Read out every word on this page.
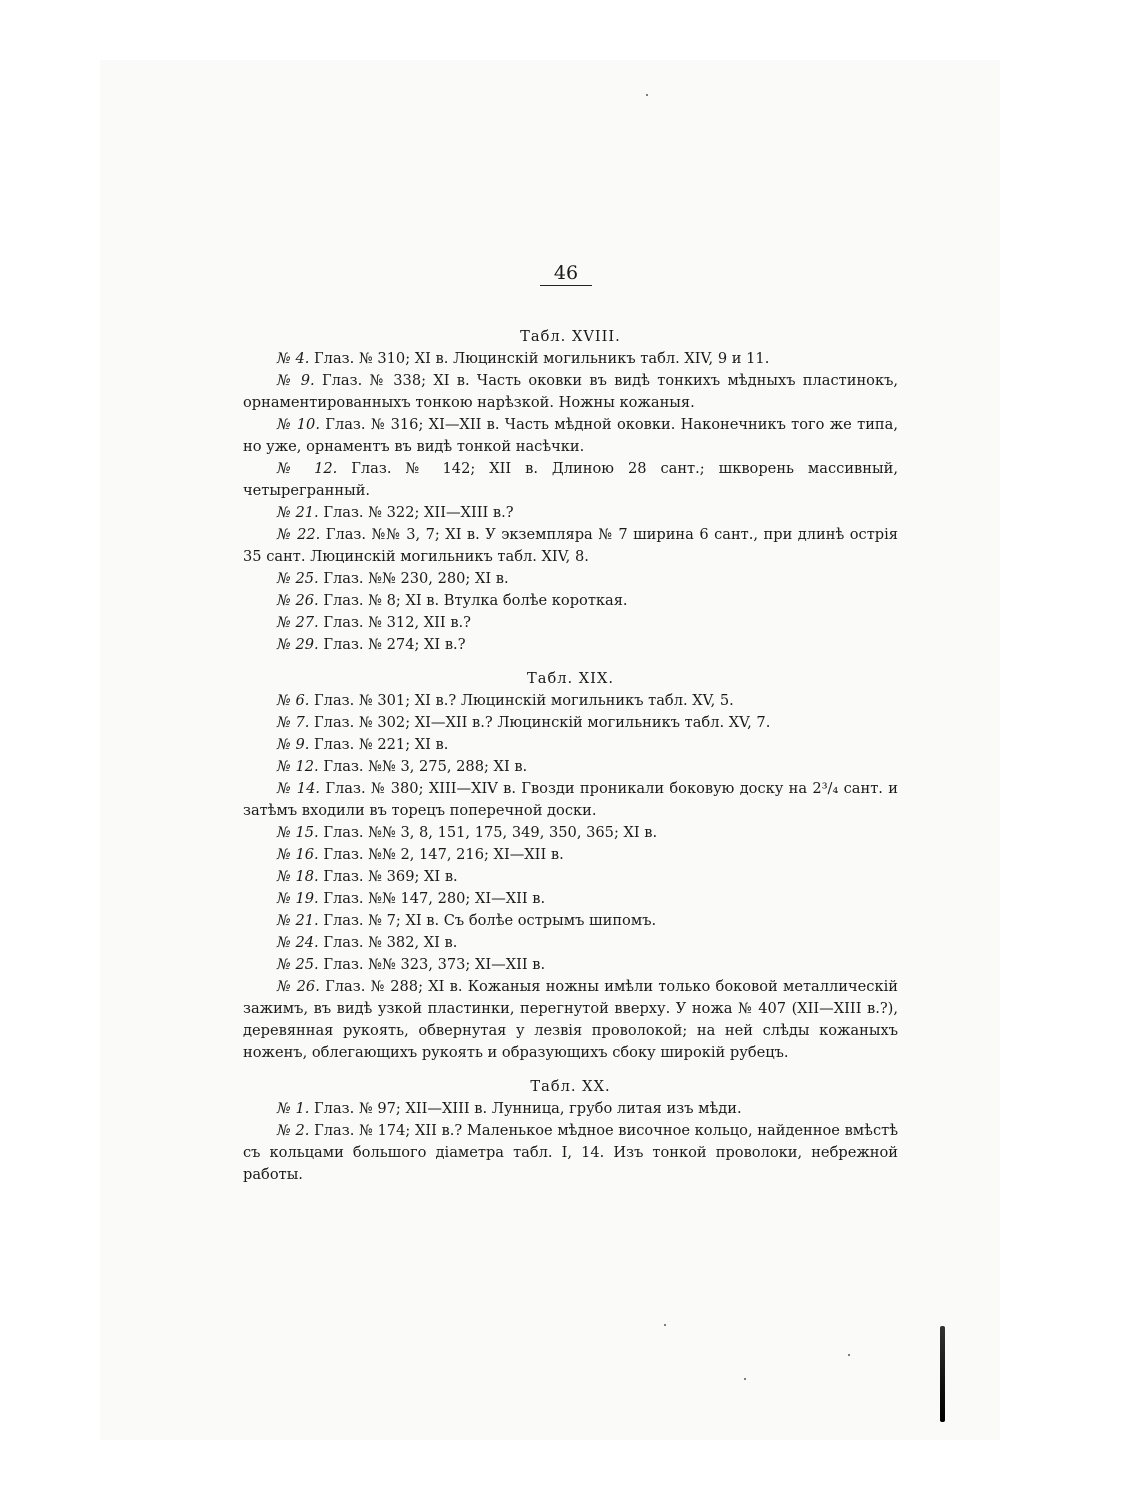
46

Табл. XVIII.

№ 4. Глаз. № 310; XI в. Люцинскій могильникъ табл. XIV, 9 и 11.

№ 9. Глаз. № 338; XI в. Часть оковки въ видѣ тонкихъ мѣдныхъ пластинокъ, орнаментированныхъ тонкою нарѣзкой. Ножны кожаныя.

№ 10. Глаз. № 316; XI—XII в. Часть мѣдной оковки. Наконечникъ того же типа, но уже, орнаментъ въ видѣ тонкой насѣчки.

№ 12. Глаз. № 142; XII в. Длиною 28 сант.; шкворень массивный, четырегранный.

№ 21. Глаз. № 322; XII—XIII в.?

№ 22. Глаз. №№ 3, 7; XI в. У экземпляра № 7 ширина 6 сант., при длинѣ острія 35 сант. Люцинскій могильникъ табл. XIV, 8.

№ 25. Глаз. №№ 230, 280; XI в.

№ 26. Глаз. № 8; XI в. Втулка болѣе короткая.

№ 27. Глаз. № 312, XII в.?

№ 29. Глаз. № 274; XI в.?

Табл. XIX.

№ 6. Глаз. № 301; XI в.? Люцинскій могильникъ табл. XV, 5.

№ 7. Глаз. № 302; XI—XII в.? Люцинскій могильникъ табл. XV, 7.

№ 9. Глаз. № 221; XI в.

№ 12. Глаз. №№ 3, 275, 288; XI в.

№ 14. Глаз. № 380; XIII—XIV в. Гвозди проникали боковую доску на 2³/₄ сант. и затѣмъ входили въ торецъ поперечной доски.

№ 15. Глаз. №№ 3, 8, 151, 175, 349, 350, 365; XI в.

№ 16. Глаз. №№ 2, 147, 216; XI—XII в.

№ 18. Глаз. № 369; XI в.

№ 19. Глаз. №№ 147, 280; XI—XII в.

№ 21. Глаз. № 7; XI в. Съ болѣе острымъ шипомъ.

№ 24. Глаз. № 382, XI в.

№ 25. Глаз. №№ 323, 373; XI—XII в.

№ 26. Глаз. № 288; XI в. Кожаныя ножны имѣли только боковой металлическій зажимъ, въ видѣ узкой пластинки, перегнутой вверху. У ножа № 407 (XII—XIII в.?), деревянная рукоять, обвернутая у лезвія проволокой; на ней слѣды кожаныхъ ноженъ, облегающихъ рукоять и образующихъ сбоку широкій рубецъ.

Табл. XX.

№ 1. Глаз. № 97; XII—XIII в. Лунница, грубо литая изъ мѣди.

№ 2. Глаз. № 174; XII в.? Маленькое мѣдное височное кольцо, найденное вмѣстѣ съ кольцами большого діаметра табл. I, 14. Изъ тонкой проволоки, небрежной работы.
